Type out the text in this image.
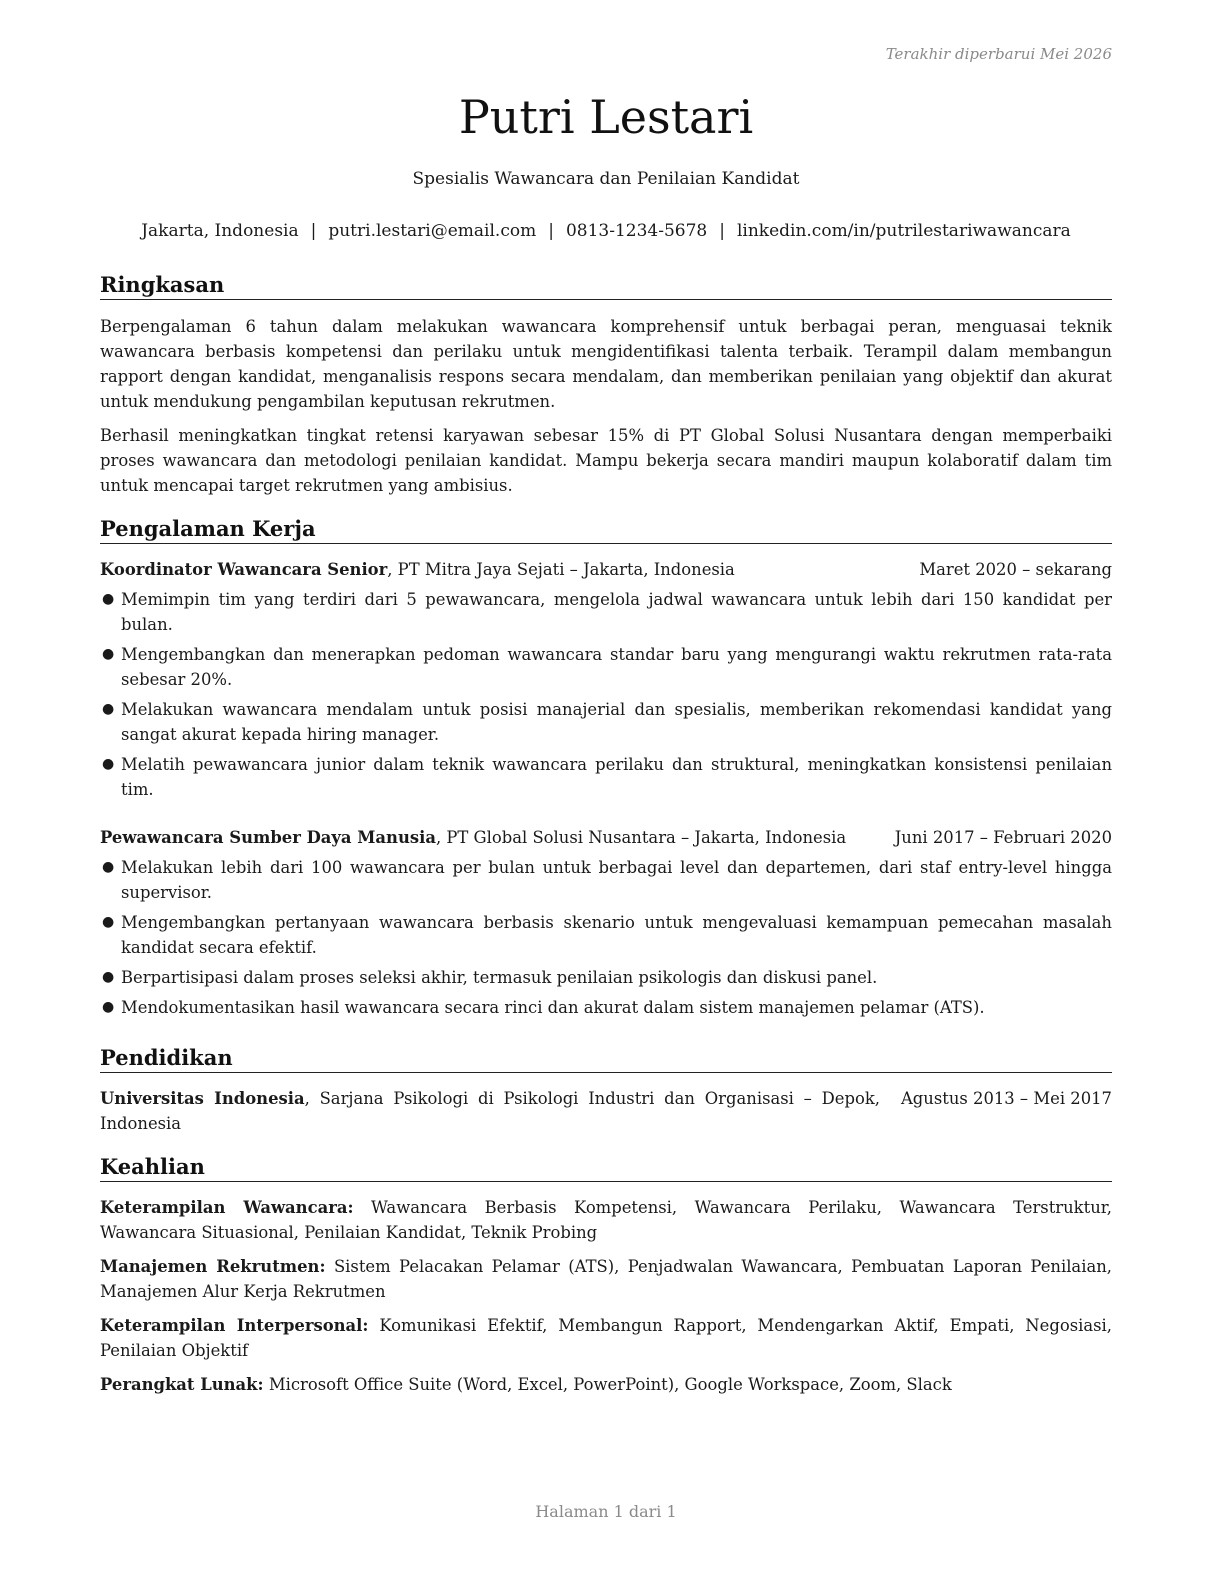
Terakhir diperbarui Mei 2026
Putri Lestari
Spesialis Wawancara dan Penilaian Kandidat
Jakarta, Indonesia | putri.lestari@email.com | 0813-1234-5678 | linkedin.com/in/putrilestariwawancara
Ringkasan
Berpengalaman 6 tahun dalam melakukan wawancara komprehensif untuk berbagai peran, menguasai teknik wawancara berbasis kompetensi dan perilaku untuk mengidentifikasi talenta terbaik. Terampil dalam membangun rapport dengan kandidat, menganalisis respons secara mendalam, dan memberikan penilaian yang objektif dan akurat untuk mendukung pengambilan keputusan rekrutmen.
Berhasil meningkatkan tingkat retensi karyawan sebesar 15% di PT Global Solusi Nusantara dengan memperbaiki proses wawancara dan metodologi penilaian kandidat. Mampu bekerja secara mandiri maupun kolaboratif dalam tim untuk mencapai target rekrutmen yang ambisius.
Pengalaman Kerja
Koordinator Wawancara Senior, PT Mitra Jaya Sejati – Jakarta, Indonesia	Maret 2020 – sekarang
● Memimpin tim yang terdiri dari 5 pewawancara, mengelola jadwal wawancara untuk lebih dari 150 kandidat per bulan.
● Mengembangkan dan menerapkan pedoman wawancara standar baru yang mengurangi waktu rekrutmen rata-rata sebesar 20%.
● Melakukan wawancara mendalam untuk posisi manajerial dan spesialis, memberikan rekomendasi kandidat yang sangat akurat kepada hiring manager.
● Melatih pewawancara junior dalam teknik wawancara perilaku dan struktural, meningkatkan konsistensi penilaian tim.
Pewawancara Sumber Daya Manusia, PT Global Solusi Nusantara – Jakarta, Indonesia	Juni 2017 – Februari 2020
● Melakukan lebih dari 100 wawancara per bulan untuk berbagai level dan departemen, dari staf entry-level hingga supervisor.
● Mengembangkan pertanyaan wawancara berbasis skenario untuk mengevaluasi kemampuan pemecahan masalah kandidat secara efektif.
● Berpartisipasi dalam proses seleksi akhir, termasuk penilaian psikologis dan diskusi panel.
● Mendokumentasikan hasil wawancara secara rinci dan akurat dalam sistem manajemen pelamar (ATS).
Pendidikan
Universitas Indonesia, Sarjana Psikologi di Psikologi Industri dan Organisasi – Depok, Indonesia
Agustus 2013 – Mei 2017
Keahlian
Keterampilan Wawancara: Wawancara Berbasis Kompetensi, Wawancara Perilaku, Wawancara Terstruktur, Wawancara Situasional, Penilaian Kandidat, Teknik Probing
Manajemen Rekrutmen: Sistem Pelacakan Pelamar (ATS), Penjadwalan Wawancara, Pembuatan Laporan Penilaian, Manajemen Alur Kerja Rekrutmen
Keterampilan Interpersonal: Komunikasi Efektif, Membangun Rapport, Mendengarkan Aktif, Empati, Negosiasi, Penilaian Objektif
Perangkat Lunak: Microsoft Office Suite (Word, Excel, PowerPoint), Google Workspace, Zoom, Slack
Halaman 1 dari 1
